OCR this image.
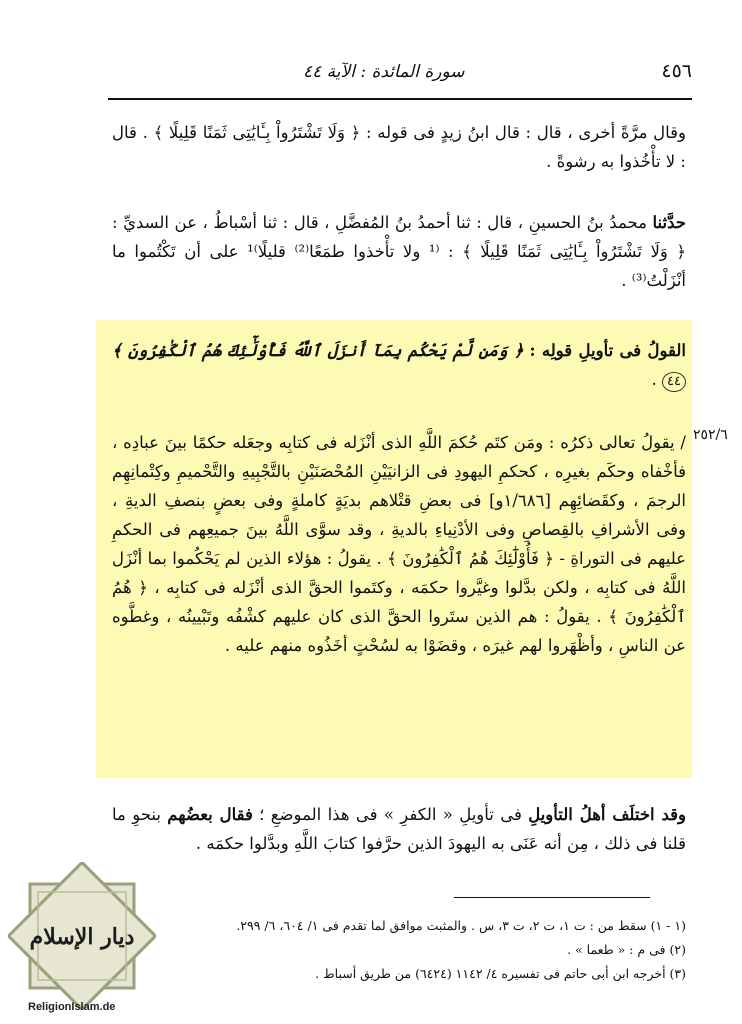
٤٥٦
سورة المائدة : الآية ٤٤
وقال مرَّةً أخرى ، قال : قال ابنُ زيدٍ فى قوله : ﴿ وَلَا تَشْتَرُواْ بِـَٔايَٰتِى ثَمَنًا قَلِيلًا ﴾ . قال : لا تأْخُذوا به رشوةً .
حدَّثنا محمدُ بنُ الحسينِ ، قال : ثنا أحمدُ بنُ المُفضَّلِ ، قال : ثنا أسْباطُ ، عن السديِّ : ﴿ وَلَا تَشْتَرُواْ بِـَٔايَٰتِى ثَمَنًا قَلِيلًا ﴾ : ⁽¹ ولا تأْخذوا طمَعًا⁽²⁾ قليلًا⁾¹ على أن تَكْتُموا ما أنْزَلْتُ⁽³⁾ .
القولُ فى تأويلِ قولِه : ﴿ وَمَن لَّمْ يَحْكُم بِمَآ أَنزَلَ ٱللَّهُ فَأُوْلَٰٓئِكَ هُمُ ٱلْكَٰفِرُونَ ﴾ ٤٤ .
/ يقولُ تعالى ذكرُه : ومَن كتَم حُكمَ اللَّهِ الذى أنْزَله فى كتابِه وجعَله حكمًا بينَ عبادِه ، فأخْفاه وحكَم بغيرِه ، كحكمِ اليهودِ فى الزانيَيْنِ المُحْصَنَيْنِ بالتَّجْبِيهِ والتَّحْميمِ وكِتْمانِهِم الرجمَ ، وكقَضائِهِم [١/٦٨٦و] فى بعضِ قتْلاهم بديَةٍ كاملةٍ وفى بعضٍ بنصفِ الديةِ ، وفى الأشرافِ بالقِصاصِ وفى الأدْنِياءِ بالديةِ ، وقد سوَّى اللَّهُ بينَ جميعِهم فى الحكمِ عليهم فى التوراةِ - ﴿ فَأُوْلَٰٓئِكَ هُمُ ٱلْكَٰفِرُونَ ﴾ . يقولُ : هؤلاء الذين لم يَحْكُموا بما أنْزَل اللَّهُ فى كتابِه ، ولكن بدَّلوا وغيَّروا حكمَه ، وكتَموا الحقَّ الذى أنْزَله فى كتابِه ، ﴿ هُمُ ٱلْكَٰفِرُونَ ﴾ . يقولُ : هم الذين ستَروا الحقَّ الذى كان عليهم كشْفُه وتَبْيينُه ، وغطَّوه عن الناسِ ، وأظْهَروا لهم غيرَه ، وقضَوْا به لسُحْتٍ أخَذُوه منهم عليه .
٢٥٢/٦
وقد اختلَف أهلُ التأويلِ فى تأويلِ « الكفرِ » فى هذا الموضعِ ؛ فقال بعضُهم بنحوِ ما قلنا فى ذلك ، مِن أنه عَنَى به اليهودَ الذين حرَّفوا كتابَ اللَّهِ وبدَّلوا حكمَه .
(١ - ١) سقط من : ت ١، ت ٢، ت ٣، س . والمثبت موافق لما تقدم فى ١/ ٦٠٤، ٦/ ٢٩٩.
(٢) فى م : « طعما » .
(٣) أخرجه ابن أبى حاتم فى تفسيره ٤/ ١١٤٢ (٦٤٢٤) من طريق أسباط .
ديار الإسلام
ReligionIslam.de
